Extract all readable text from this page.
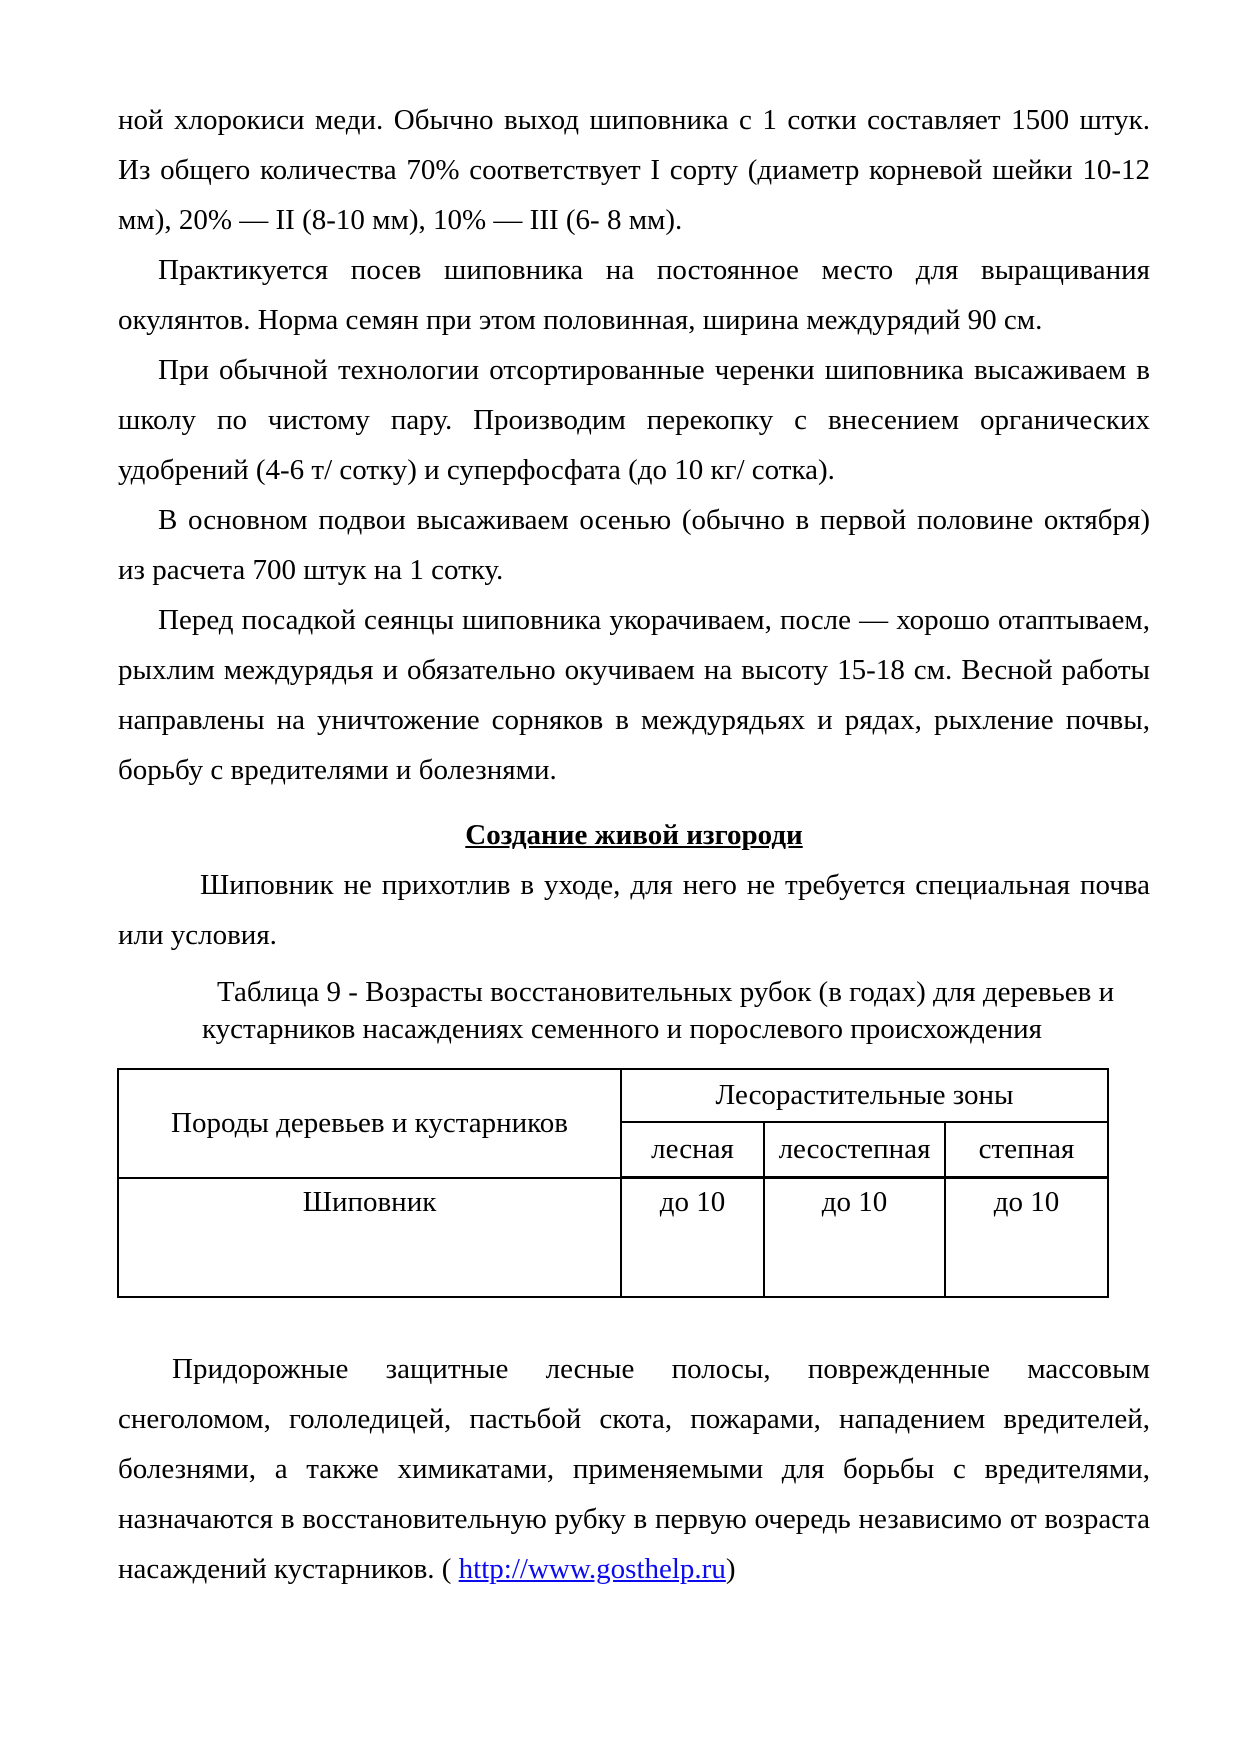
ной хлорокиси меди. Обычно выход шиповника с 1 сотки составляет 1500 штук. Из общего количества 70% соответствует I сорту (диаметр корневой шейки 10-12 мм), 20% — II (8-10 мм), 10% — III (6- 8 мм).

Практикуется посев шиповника на постоянное место для выращивания окулянтов. Норма семян при этом половинная, ширина междурядий 90 см.

При обычной технологии отсортированные черенки шиповника высаживаем в школу по чистому пару. Производим перекопку с внесением органических удобрений (4-6 т/ сотку) и суперфосфата (до 10 кг/ сотка).

В основном подвои высаживаем осенью (обычно в первой половине октября) из расчета 700 штук на 1 сотку.

Перед посадкой сеянцы шиповника укорачиваем, после — хорошо отаптываем, рыхлим междурядья и обязательно окучиваем на высоту 15-18 см. Весной работы направлены на уничтожение сорняков в междурядьях и рядах, рыхление почвы, борьбу с вредителями и болезнями.

Создание живой изгороди

Шиповник не прихотлив в уходе, для него не требуется специальная почва или условия.

Таблица 9 - Возрасты восстановительных рубок (в годах) для деревьев и
кустарников насаждениях семенного и порослевого происхождения
Породы деревьев и кустарников	Лесорастительные зоны		
	лесная	лесостепная	степная
Шиповник	до 10	до 10	до 10

Придорожные защитные лесные полосы, поврежденные массовым снеголомом, гололедицей, пастьбой скота, пожарами, нападением вредителей, болезнями, а также химикатами, применяемыми для борьбы с вредителями, назначаются в восстановительную рубку в первую очередь независимо от возраста насаждений кустарников. ( http://www.gosthelp.ru)
